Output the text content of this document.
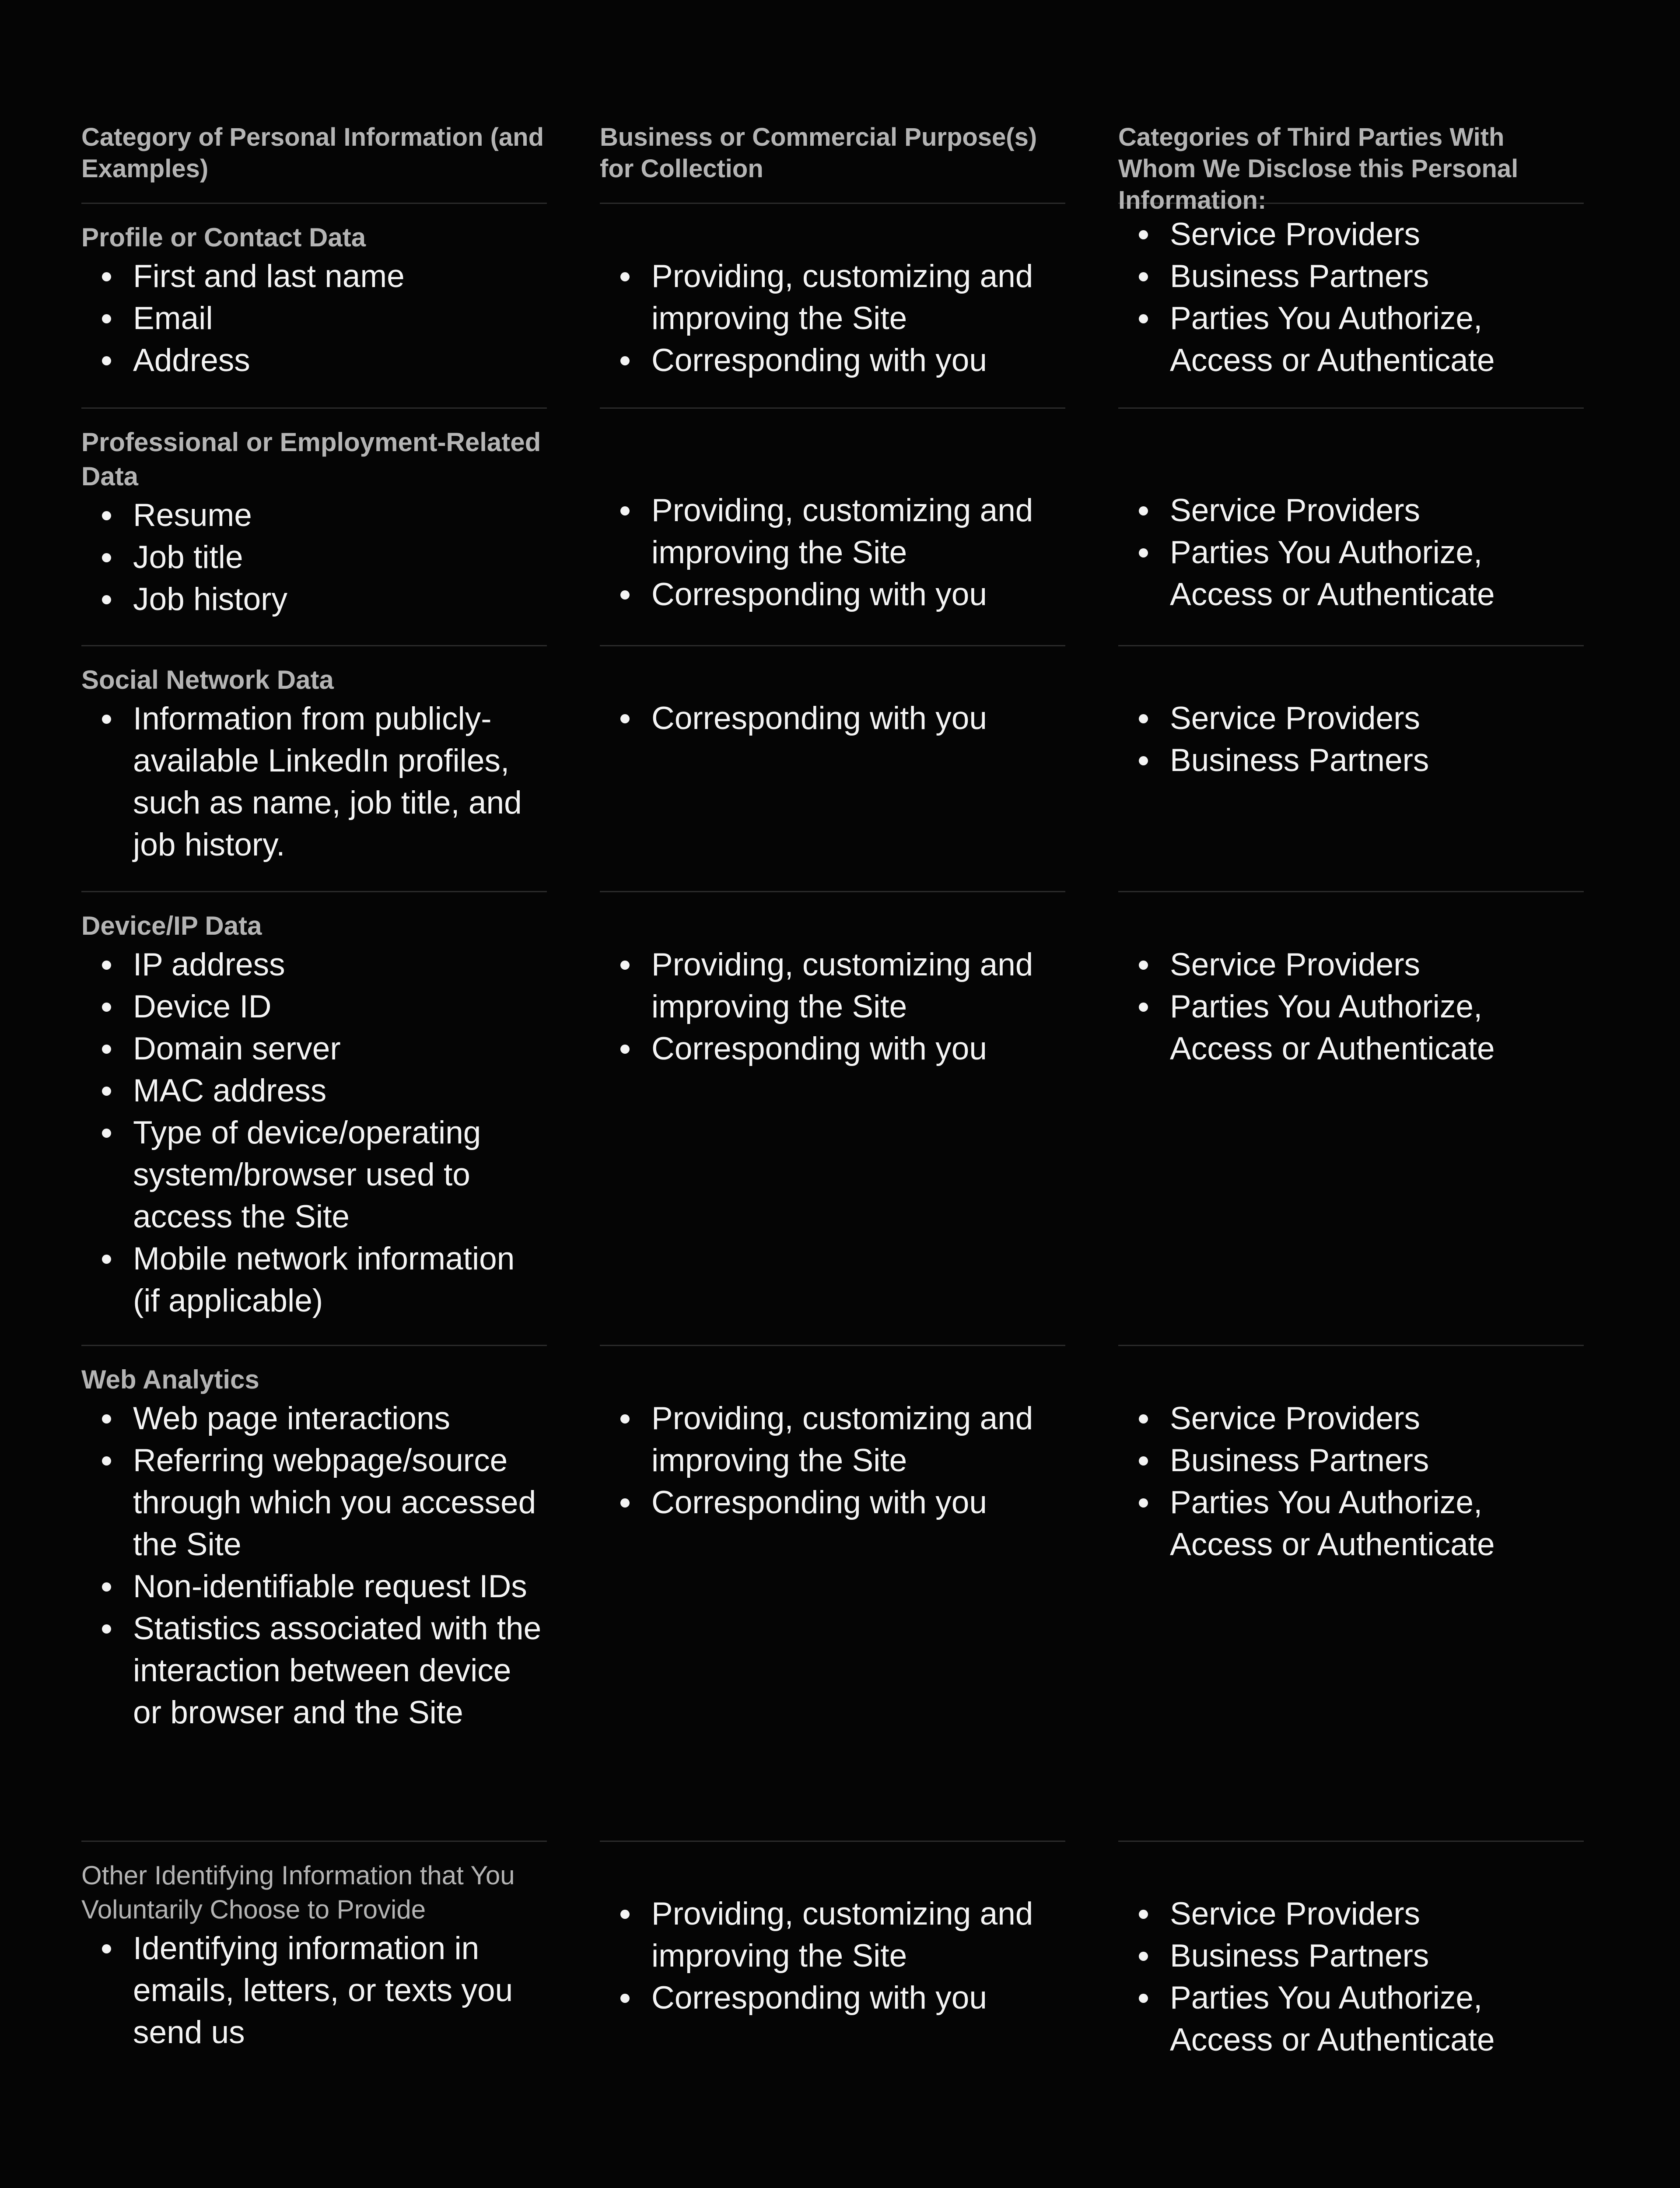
Category of Personal Information (and Examples)
Business or Commercial Purpose(s) for Collection
Categories of Third Parties With Whom We Disclose this Personal Information:
Profile or Contact Data
First and last name
Email
Address
Providing, customizing and improving the Site
Corresponding with you
Service Providers
Business Partners
Parties You Authorize, Access or Authenticate
Professional or Employment-Related Data
Resume
Job title
Job history
Providing, customizing and improving the Site
Corresponding with you
Service Providers
Parties You Authorize, Access or Authenticate
Social Network Data
Information from publicly-available LinkedIn profiles, such as name, job title, and job history.
Corresponding with you	Service Providers
Business Partners
Device/IP Data
IP address
Device ID
Domain server
MAC address
Type of device/operating system/browser used to access the Site
Mobile network information (if applicable)
Providing, customizing and improving the Site
Corresponding with you
Service Providers
Parties You Authorize, Access or Authenticate
Web Analytics
Web page interactions
Referring webpage/source through which you accessed the Site
Non-identifiable request IDs
Statistics associated with the interaction between device or browser and the Site
Providing, customizing and improving the Site
Corresponding with you
Service Providers
Business Partners
Parties You Authorize, Access or Authenticate
Other Identifying Information that You Voluntarily Choose to Provide
Identifying information in emails, letters, or texts you send us
Providing, customizing and improving the Site
Corresponding with you
Service Providers
Business Partners
Parties You Authorize, Access or Authenticate
